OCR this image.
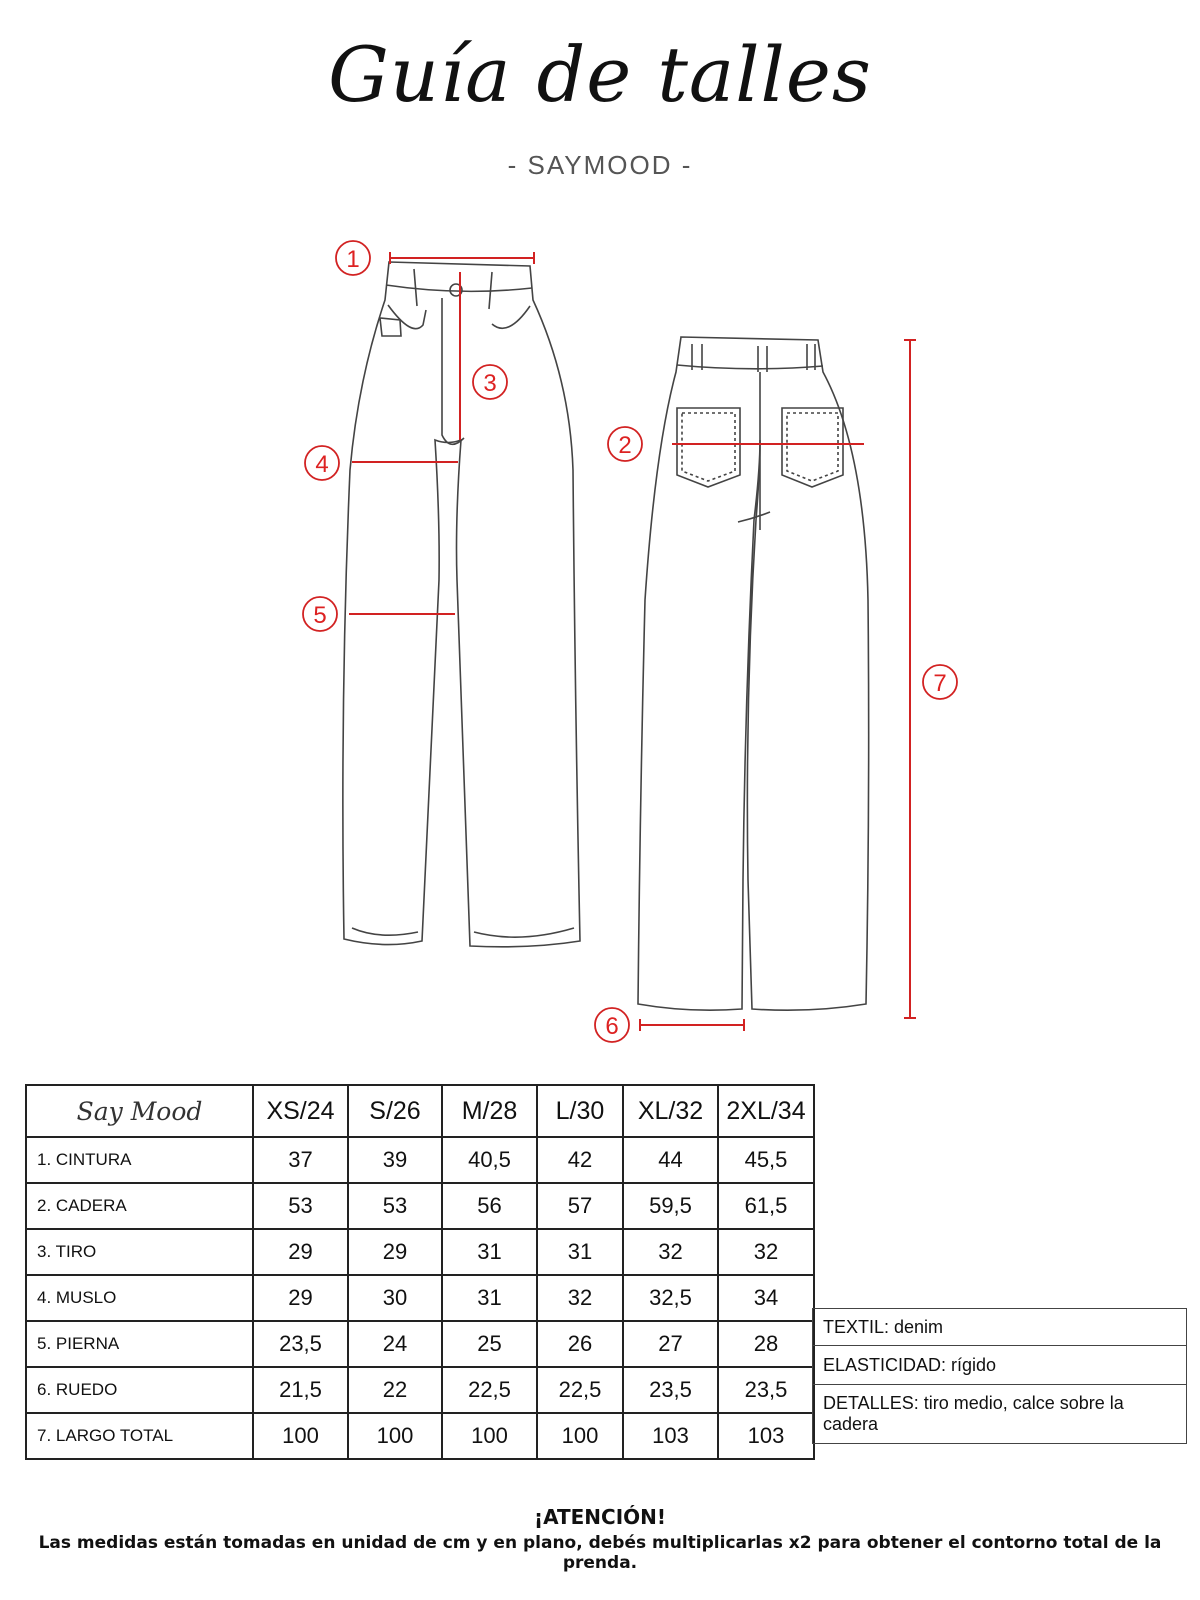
Guía de talles
- SAYMOOD -
1
2
3
4
5
6
7
Say Mood	XS/24	S/26	M/28	L/30	XL/32	2XL/34
1. CINTURA	37	39	40,5	42	44	45,5
2. CADERA	53	53	56	57	59,5	61,5
3. TIRO	29	29	31	31	32	32
4. MUSLO	29	30	31	32	32,5	34
5. PIERNA	23,5	24	25	26	27	28
6. RUEDO	21,5	22	22,5	22,5	23,5	23,5
7. LARGO TOTAL	100	100	100	100	103	103
TEXTIL: denim
ELASTICIDAD: rígido
DETALLES: tiro medio, calce sobre la cadera
¡ATENCIÓN!
Las medidas están tomadas en unidad de cm y en plano, debés multiplicarlas x2 para obtener el contorno total de la prenda.
